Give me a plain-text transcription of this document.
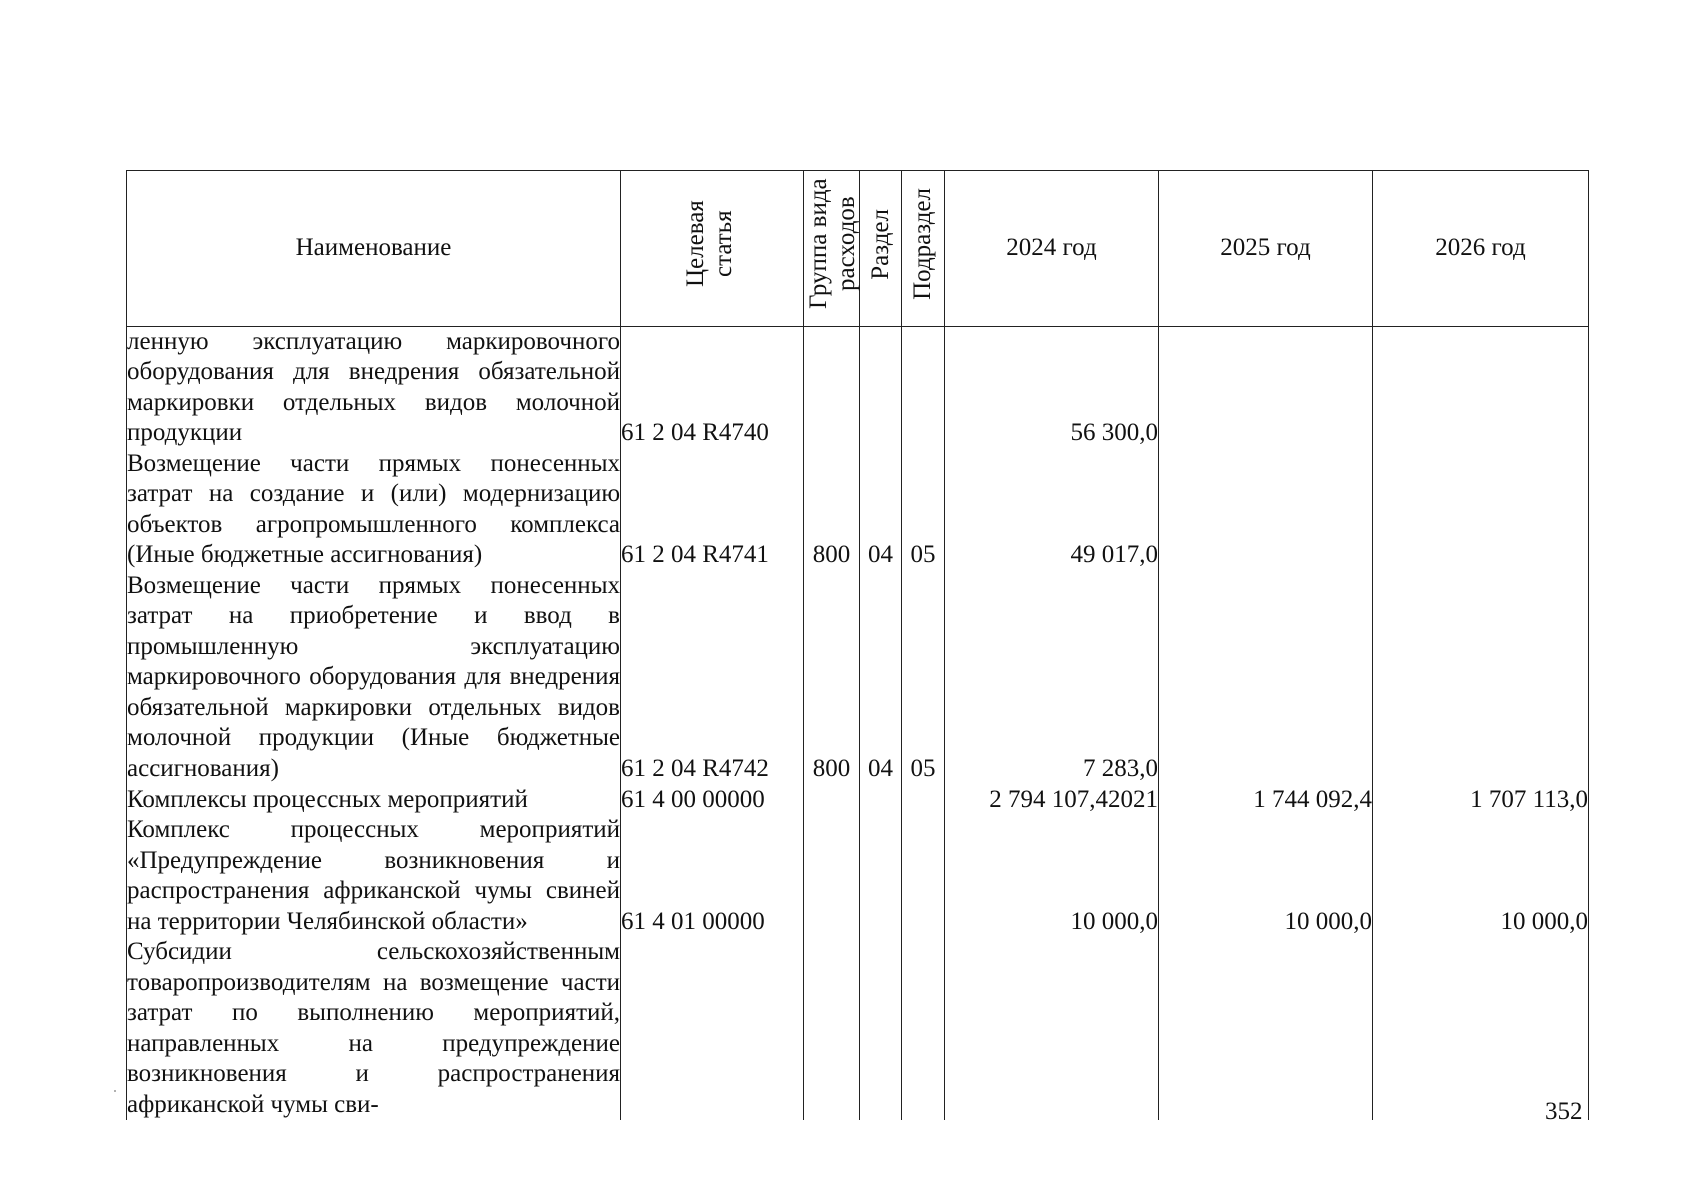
Наименование	Целевая статья	Группа вида расходов	Раздел	Подраздел	2024 год	2025 год	2026 год
ленную эксплуатацию маркировочного оборудования для внедрения обязательной маркировки отдельных видов молочной продукции	61 2 04 R4740				56 300,0		
Возмещение части прямых понесенных затрат на создание и (или) модернизацию объектов агропромышленного комплекса (Иные бюджетные ассигнования)	61 2 04 R4741	800	04	05	49 017,0		
Возмещение части прямых понесенных затрат на приобретение и ввод в промышленную эксплуатацию маркировочного оборудования для внедрения обязательной маркировки отдельных видов молочной продукции (Иные бюджетные ассигнования)	61 2 04 R4742	800	04	05	7 283,0		
Комплексы процессных мероприятий	61 4 00 00000				2 794 107,42021	1 744 092,4	1 707 113,0
Комплекс процессных мероприятий «Предупреждение возникновения и распространения африканской чумы свиней на территории Челябинской области»	61 4 01 00000				10 000,0	10 000,0	10 000,0
Субсидии сельскохозяйственным товаропроизводителям на возмещение части затрат по выполнению мероприятий, направленных на предупреждение возникновения и распространения африканской чумы сви-								352
